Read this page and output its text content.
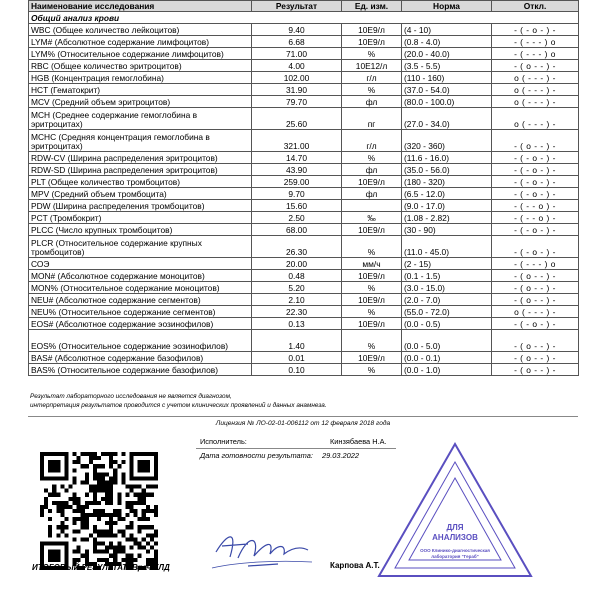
Наименование исследования	Результат	Ед. изм.	Норма	Откл.
Общий анализ крови				
WBC (Общее количество лейкоцитов)	9.40	10E9/л	(4 - 10)	- ( - o - ) -
LYM# (Абсолютное содержание лимфоцитов)	6.68	10E9/л	(0.8 - 4.0)	- ( - - - ) o
LYM% (Относительное содержание лимфоцитов)	71.00	%	(20.0 - 40.0)	- ( - - - ) o
RBC (Общее количество эритроцитов)	4.00	10E12/л	(3.5 - 5.5)	- ( o - - ) -
HGB (Концентрация гемоглобина)	102.00	г/л	(110 - 160)	o ( - - - ) -
HCT (Гематокрит)	31.90	%	(37.0 - 54.0)	o ( - - - ) -
MCV (Средний объем эритроцитов)	79.70	фл	(80.0 - 100.0)	o ( - - - ) -
MCH (Среднее содержание гемоглобина в эритроцитах)	25.60	пг	(27.0 - 34.0)	o ( - - - ) -
MCHC (Средняя концентрация гемоглобина в эритроцитах)	321.00	г/л	(320 - 360)	- ( o - - ) -
RDW-CV (Ширина распределения эритроцитов)	14.70	%	(11.6 - 16.0)	- ( - o - ) -
RDW-SD (Ширина распределения эритроцитов)	43.90	фл	(35.0 - 56.0)	- ( - o - ) -
PLT (Общее количество тромбоцитов)	259.00	10E9/л	(180 - 320)	- ( - o - ) -
MPV (Средний объем тромбоцита)	9.70	фл	(6.5 - 12.0)	- ( - o - ) -
PDW (Ширина распределения тромбоцитов)	15.60		(9.0 - 17.0)	- ( - - o ) -
PCT (Тромбокрит)	2.50	‰	(1.08 - 2.82)	- ( - - o ) -
PLCC (Число крупных тромбоцитов)	68.00	10E9/л	(30 - 90)	- ( - o - ) -
PLCR (Относительное содержание крупных тромбоцитов)	26.30	%	(11.0 - 45.0)	- ( - o - ) -
СОЭ	20.00	мм/ч	(2 - 15)	- ( - - - ) o
MON# (Абсолютное содержание моноцитов)	0.48	10E9/л	(0.1 - 1.5)	- ( o - - ) -
MON% (Относительное содержание моноцитов)	5.20	%	(3.0 - 15.0)	- ( o - - ) -
NEU# (Абсолютное содержание сегментов)	2.10	10E9/л	(2.0 - 7.0)	- ( o - - ) -
NEU% (Относительное содержание сегментов)	22.30	%	(55.0 - 72.0)	o ( - - - ) -
EOS# (Абсолютное содержание эозинофилов)	0.13	10E9/л	(0.0 - 0.5)	- ( - o - ) -
EOS% (Относительное содержание эозинофилов)	1.40	%	(0.0 - 5.0)	- ( o - - ) -
BAS# (Абсолютное содержание базофилов)	0.01	10E9/л	(0.0 - 0.1)	- ( o - - ) -
BAS% (Относительное содержание базофилов)	0.10	%	(0.0 - 1.0)	- ( o - - ) -
Результат лабораторного исследования не является диагнозом,
интерпретация результатов проводится с учетом клинических проявлений и данных анамнеза.
Лицензия № ЛО-02-01-006112 от 12 февраля 2018 года
Исполнитель:	Кинзябаева Н.А.
Дата готовности результата: 29.03.2022
ДЛЯ
АНАЛИЗОВ
ООО Клинико-диагностическая
лаборатория "Гераб"
ИТОГОВЫЙ РЕЗУЛЬТАТ: Врач КЛД	Карпова А.Т.
